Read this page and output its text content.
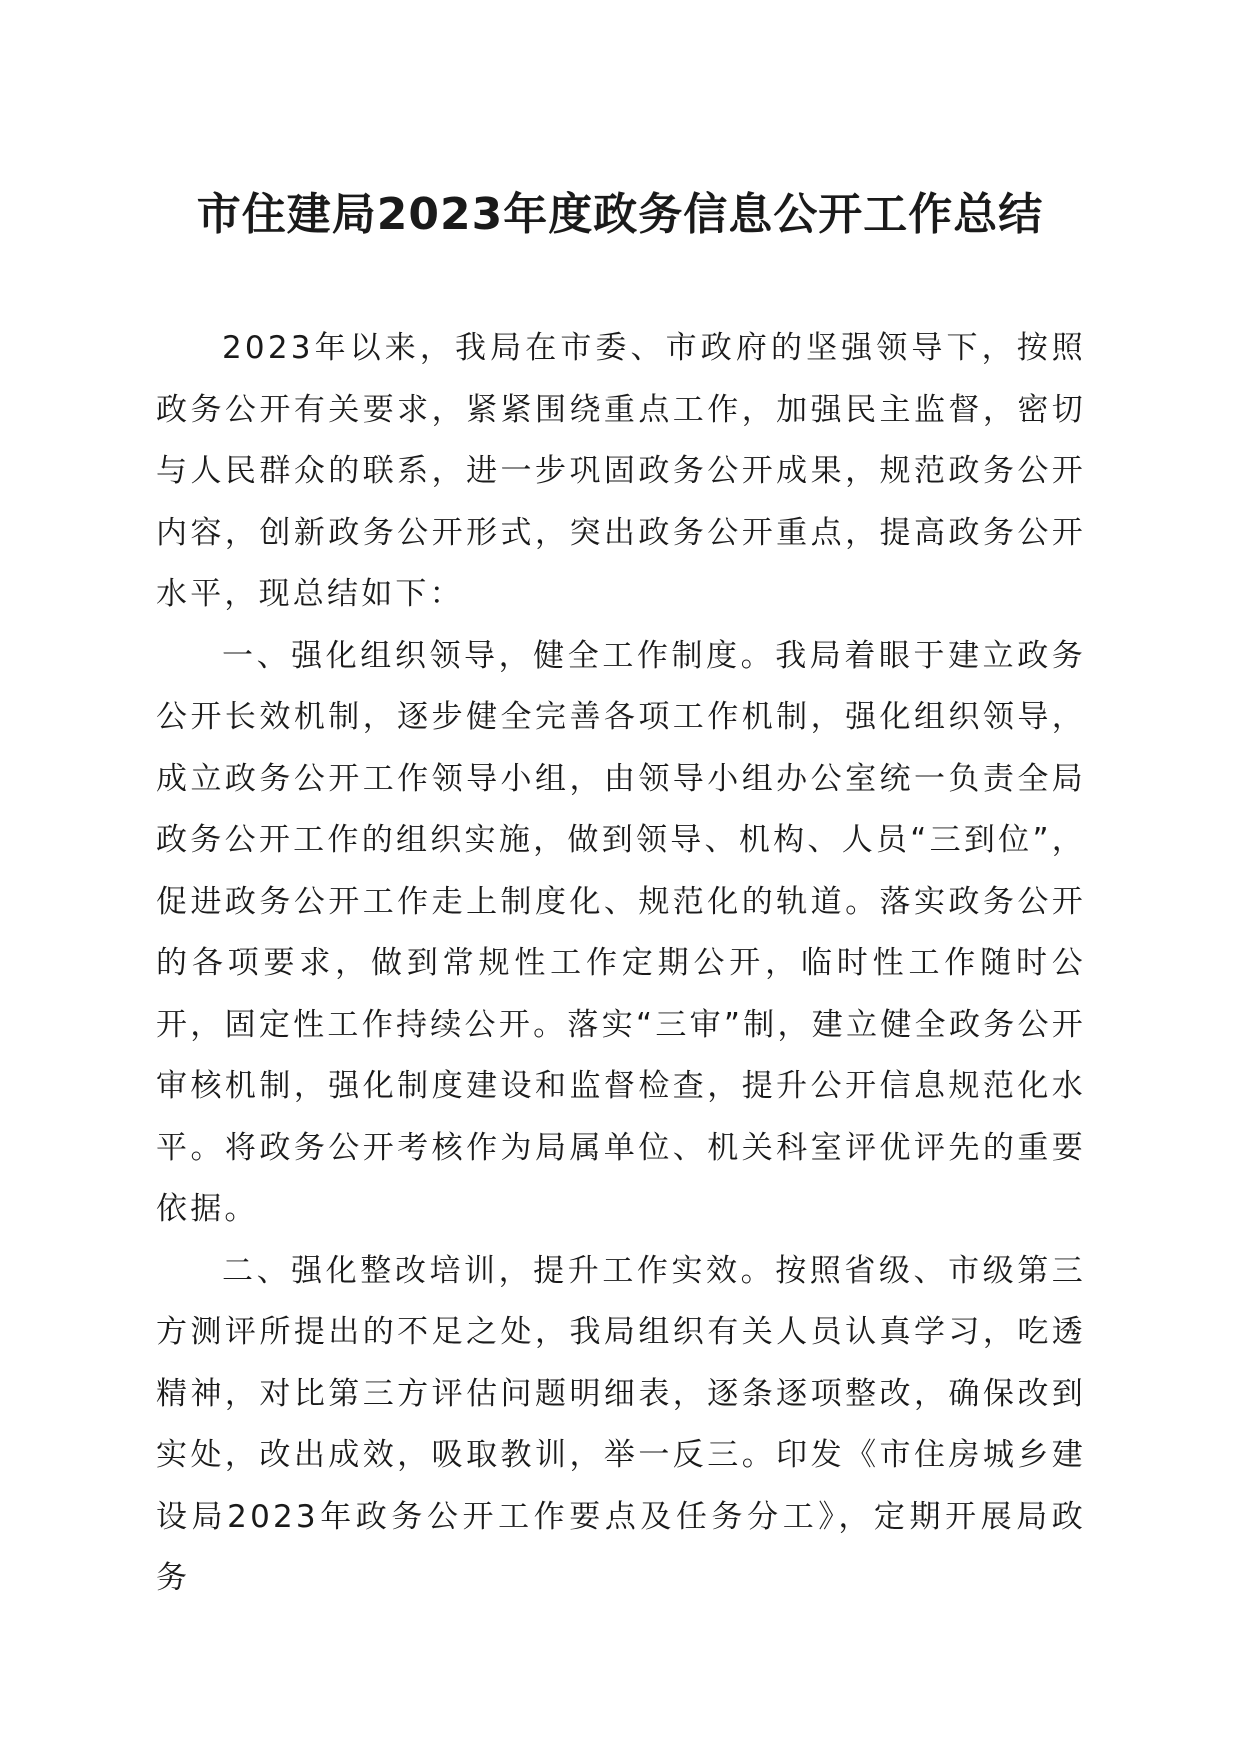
市住建局2023年度政务信息公开工作总结

2023年以来，我局在市委、市政府的坚强领导下，按照政务公开有关要求，紧紧围绕重点工作，加强民主监督，密切与人民群众的联系，进一步巩固政务公开成果，规范政务公开内容，创新政务公开形式，突出政务公开重点，提高政务公开水平，现总结如下：

一、强化组织领导，健全工作制度。我局着眼于建立政务公开长效机制，逐步健全完善各项工作机制，强化组织领导，成立政务公开工作领导小组，由领导小组办公室统一负责全局政务公开工作的组织实施，做到领导、机构、人员“三到位”，促进政务公开工作走上制度化、规范化的轨道。落实政务公开的各项要求，做到常规性工作定期公开，临时性工作随时公开，固定性工作持续公开。落实“三审”制，建立健全政务公开审核机制，强化制度建设和监督检查，提升公开信息规范化水平。将政务公开考核作为局属单位、机关科室评优评先的重要依据。

二、强化整改培训，提升工作实效。按照省级、市级第三方测评所提出的不足之处，我局组织有关人员认真学习，吃透精神，对比第三方评估问题明细表，逐条逐项整改，确保改到实处，改出成效，吸取教训，举一反三。印发《市住房城乡建设局2023年政务公开工作要点及任务分工》，定期开展局政务
